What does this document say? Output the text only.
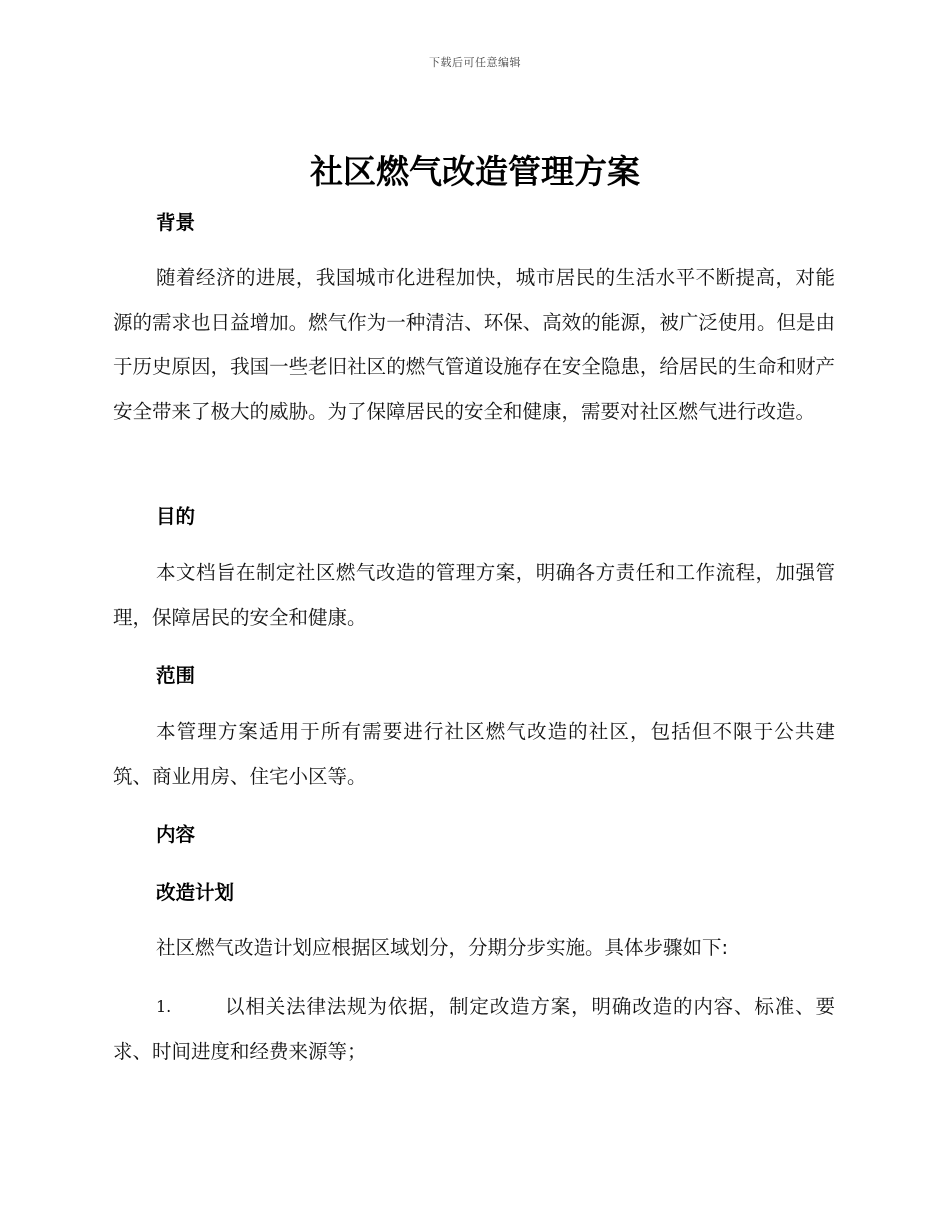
下载后可任意编辑
社区燃气改造管理方案
背景

随着经济的进展，我国城市化进程加快，城市居民的生活水平不断提高，对能源的需求也日益增加。燃气作为一种清洁、环保、高效的能源，被广泛使用。但是由于历史原因，我国一些老旧社区的燃气管道设施存在安全隐患，给居民的生命和财产安全带来了极大的威胁。为了保障居民的安全和健康，需要对社区燃气进行改造。

目的

本文档旨在制定社区燃气改造的管理方案，明确各方责任和工作流程，加强管理，保障居民的安全和健康。

范围

本管理方案适用于所有需要进行社区燃气改造的社区，包括但不限于公共建筑、商业用房、住宅小区等。

内容
改造计划

社区燃气改造计划应根据区域划分，分期分步实施。具体步骤如下:

1.	以相关法律法规为依据，制定改造方案，明确改造的内容、标准、要求、时间进度和经费来源等；
